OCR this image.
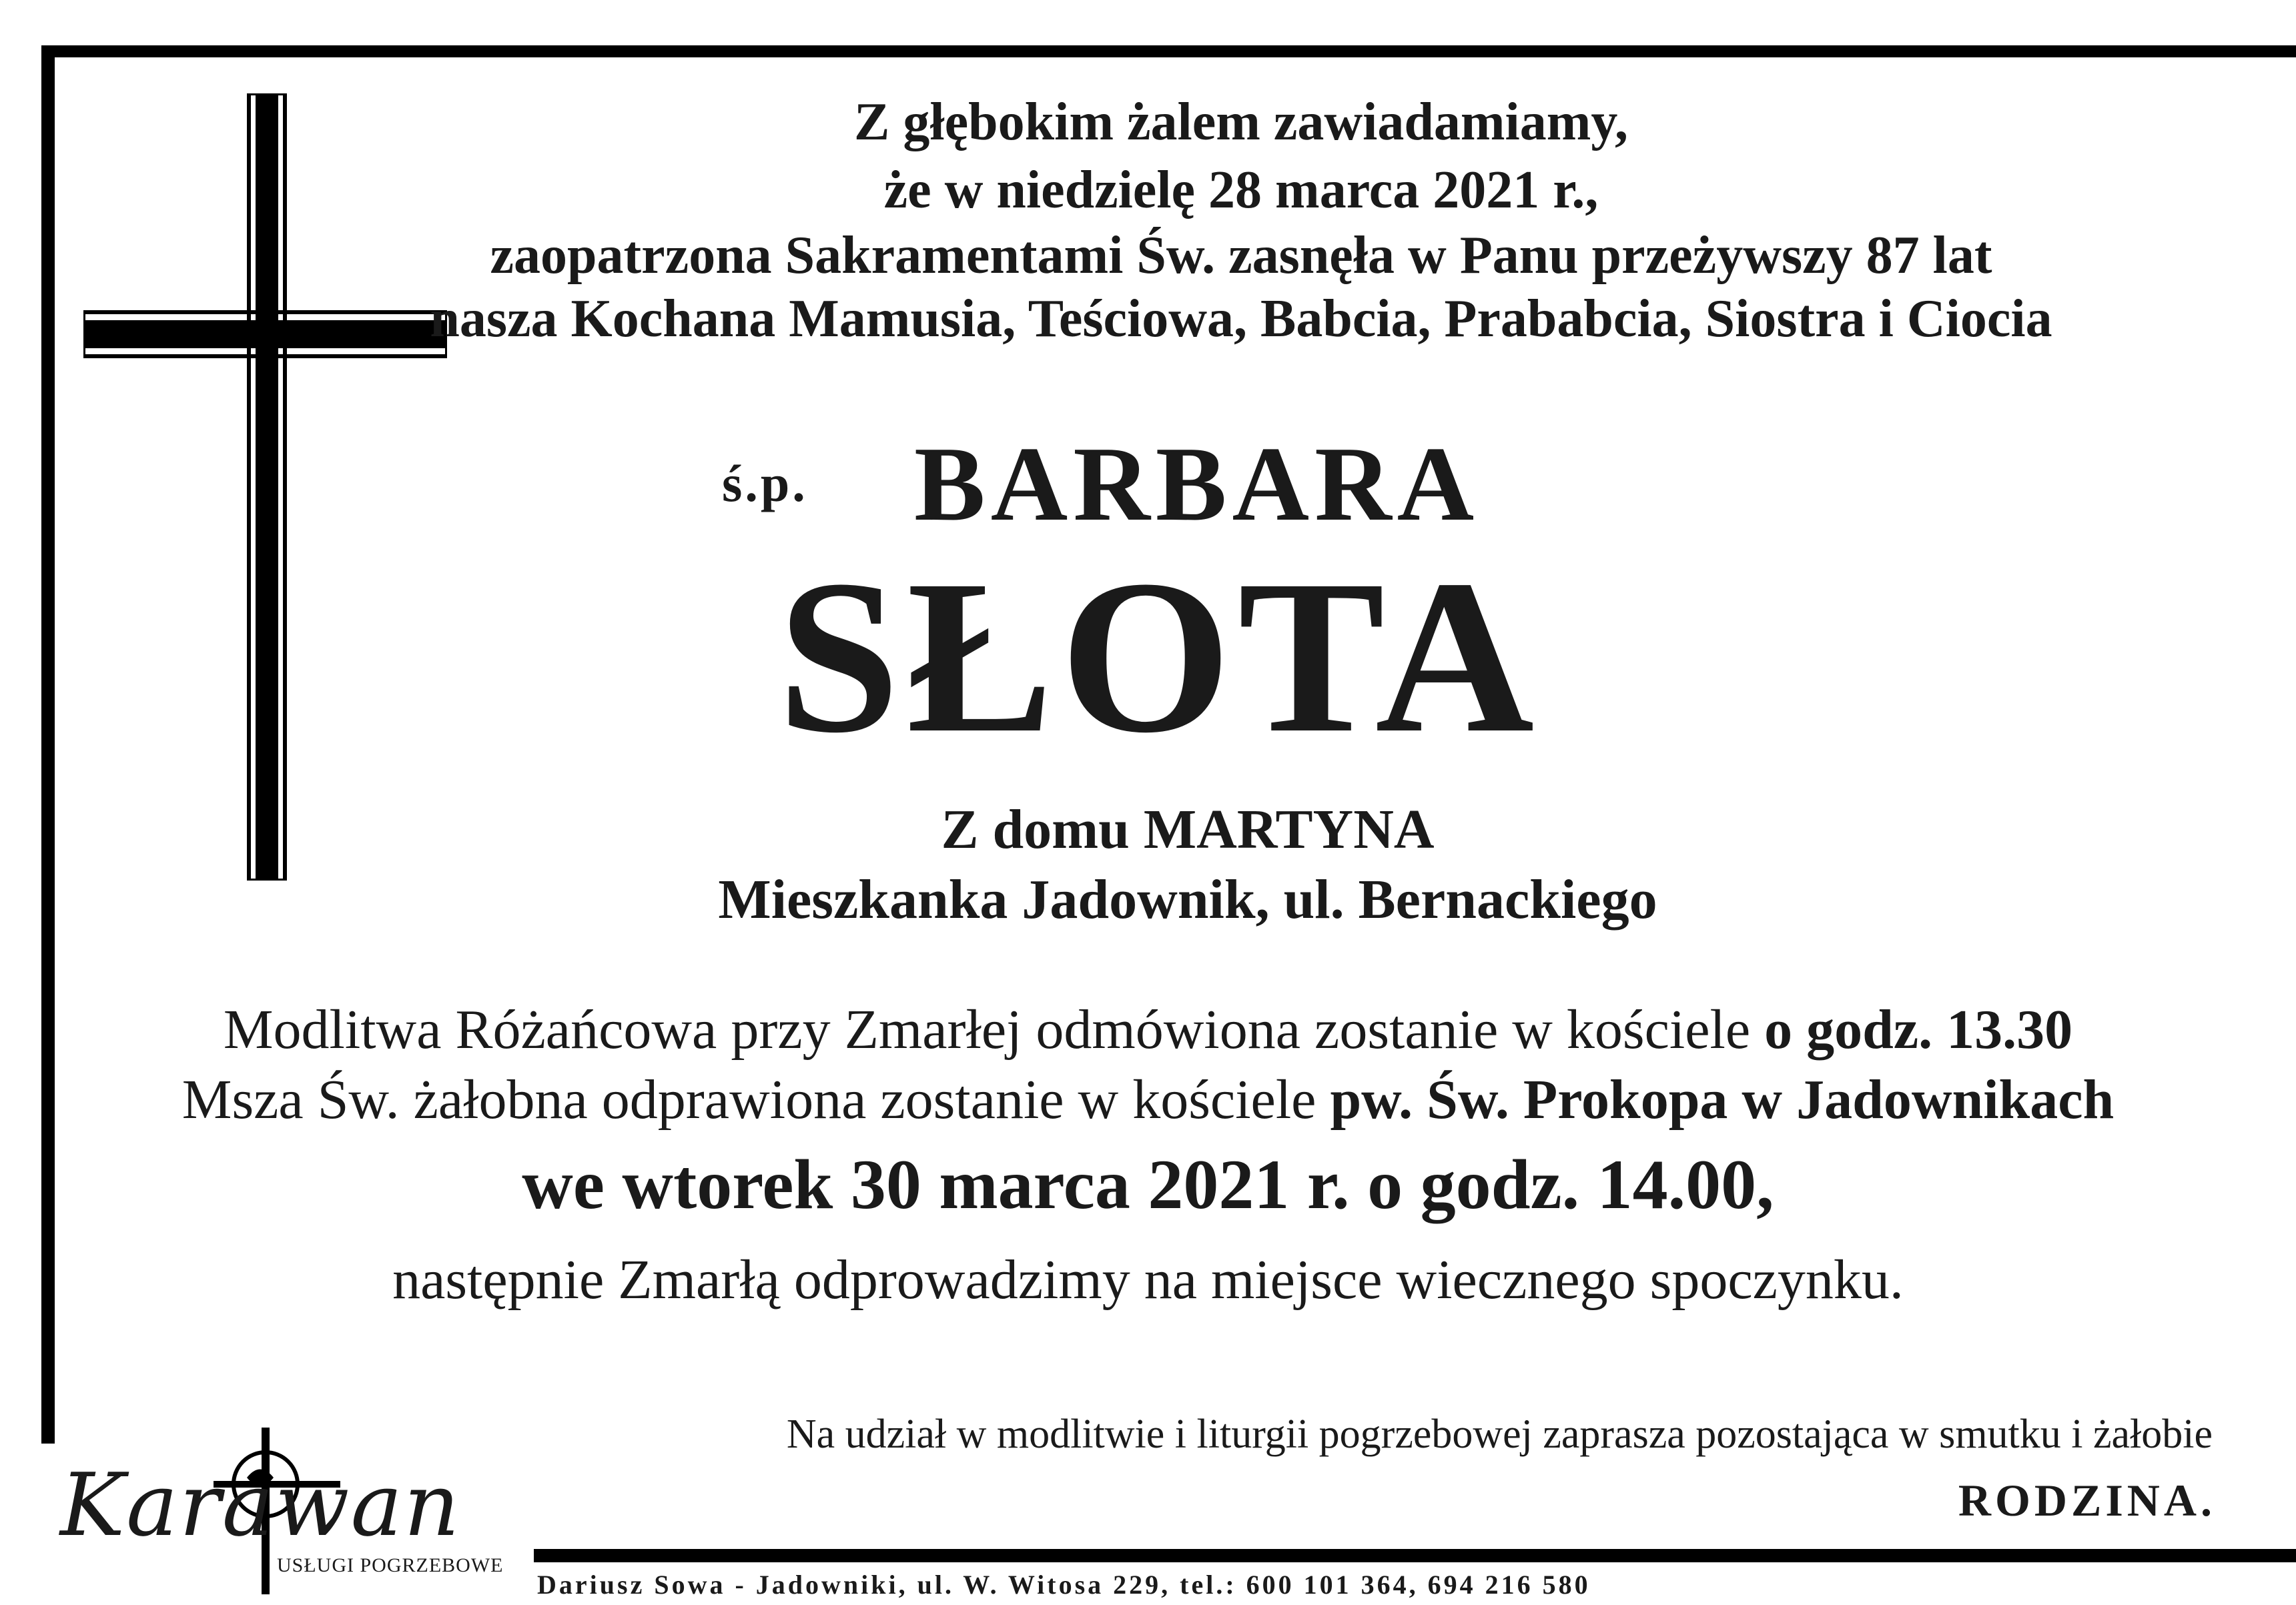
Z głębokim żalem zawiadamiamy,
że w niedzielę 28 marca 2021 r.,
zaopatrzona Sakramentami Św. zasnęła w Panu przeżywszy 87 lat
nasza Kochana Mamusia, Teściowa, Babcia, Prababcia, Siostra i Ciocia
ś.p. BARBARA
SŁOTA
Z domu MARTYNA
Mieszkanka Jadownik, ul. Bernackiego
Modlitwa Różańcowa przy Zmarłej odmówiona zostanie w kościele o godz. 13.30
Msza Św. żałobna odprawiona zostanie w kościele pw. Św. Prokopa w Jadownikach
we wtorek 30 marca 2021 r. o godz. 14.00,
następnie Zmarłą odprowadzimy na miejsce wiecznego spoczynku.
Na udział w modlitwie i liturgii pogrzebowej zaprasza pozostająca w smutku i żałobie
RODZINA.
Karawan
USŁUGI POGRZEBOWE
Dariusz Sowa - Jadowniki, ul. W. Witosa 229, tel.: 600 101 364, 694 216 580
